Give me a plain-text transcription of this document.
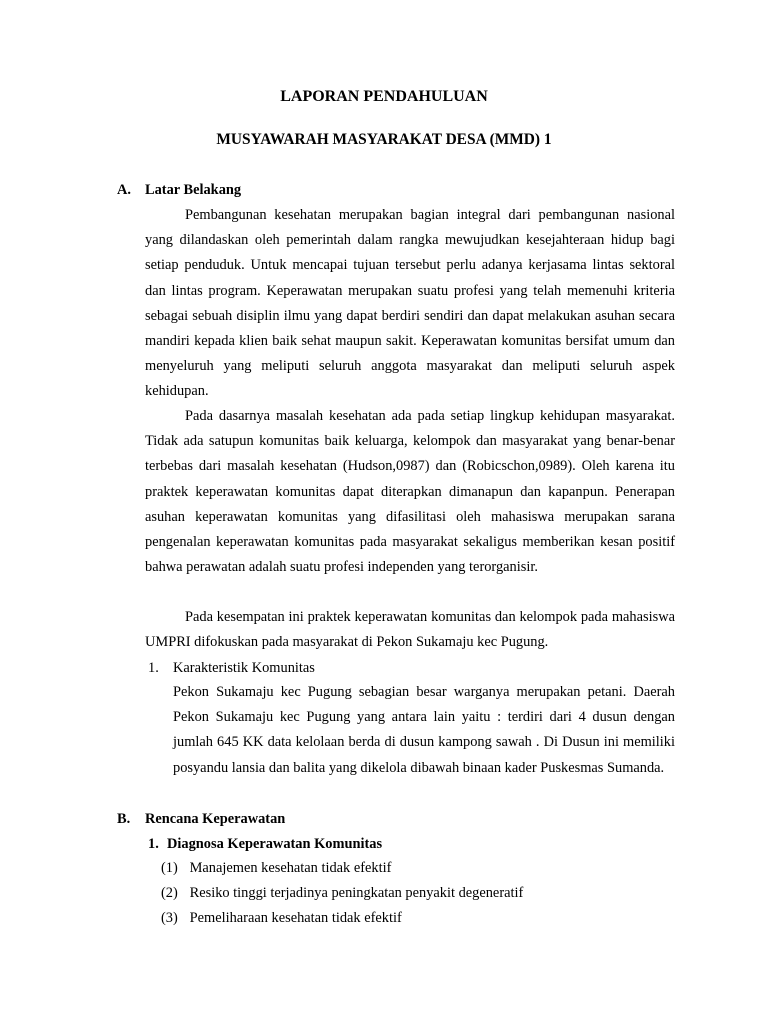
LAPORAN PENDAHULUAN
MUSYAWARAH MASYARAKAT DESA (MMD) 1
A. Latar Belakang

Pembangunan kesehatan merupakan bagian integral dari pembangunan nasional yang dilandaskan oleh pemerintah dalam rangka mewujudkan kesejahteraan hidup bagi setiap penduduk. Untuk mencapai tujuan tersebut perlu adanya kerjasama lintas sektoral dan lintas program. Keperawatan merupakan suatu profesi yang telah memenuhi kriteria sebagai sebuah disiplin ilmu yang dapat berdiri sendiri dan dapat melakukan asuhan secara mandiri kepada klien baik sehat maupun sakit. Keperawatan komunitas bersifat umum dan menyeluruh yang meliputi seluruh anggota masyarakat dan meliputi seluruh aspek kehidupan.

Pada dasarnya masalah kesehatan ada pada setiap lingkup kehidupan masyarakat. Tidak ada satupun komunitas baik keluarga, kelompok dan masyarakat yang benar-benar terbebas dari masalah kesehatan (Hudson,0987) dan (Robicschon,0989). Oleh karena itu praktek keperawatan komunitas dapat diterapkan dimanapun dan kapanpun. Penerapan asuhan keperawatan komunitas yang difasilitasi oleh mahasiswa merupakan sarana pengenalan keperawatan komunitas pada masyarakat sekaligus memberikan kesan positif bahwa perawatan adalah suatu profesi independen yang terorganisir.

Pada kesempatan ini praktek keperawatan komunitas dan kelompok pada mahasiswa UMPRI difokuskan pada masyarakat di Pekon Sukamaju kec Pugung.

1. Karakteristik Komunitas

Pekon Sukamaju kec Pugung sebagian besar warganya merupakan petani. Daerah Pekon Sukamaju kec Pugung yang antara lain yaitu : terdiri dari 4 dusun dengan jumlah 645 KK data kelolaan berda di dusun kampong sawah . Di Dusun ini memiliki posyandu lansia dan balita yang dikelola dibawah binaan kader Puskesmas Sumanda.

B. Rencana Keperawatan
1. Diagnosa Keperawatan Komunitas
(1) Manajemen kesehatan tidak efektif
(2) Resiko tinggi terjadinya peningkatan penyakit degeneratif
(3) Pemeliharaan kesehatan tidak efektif
